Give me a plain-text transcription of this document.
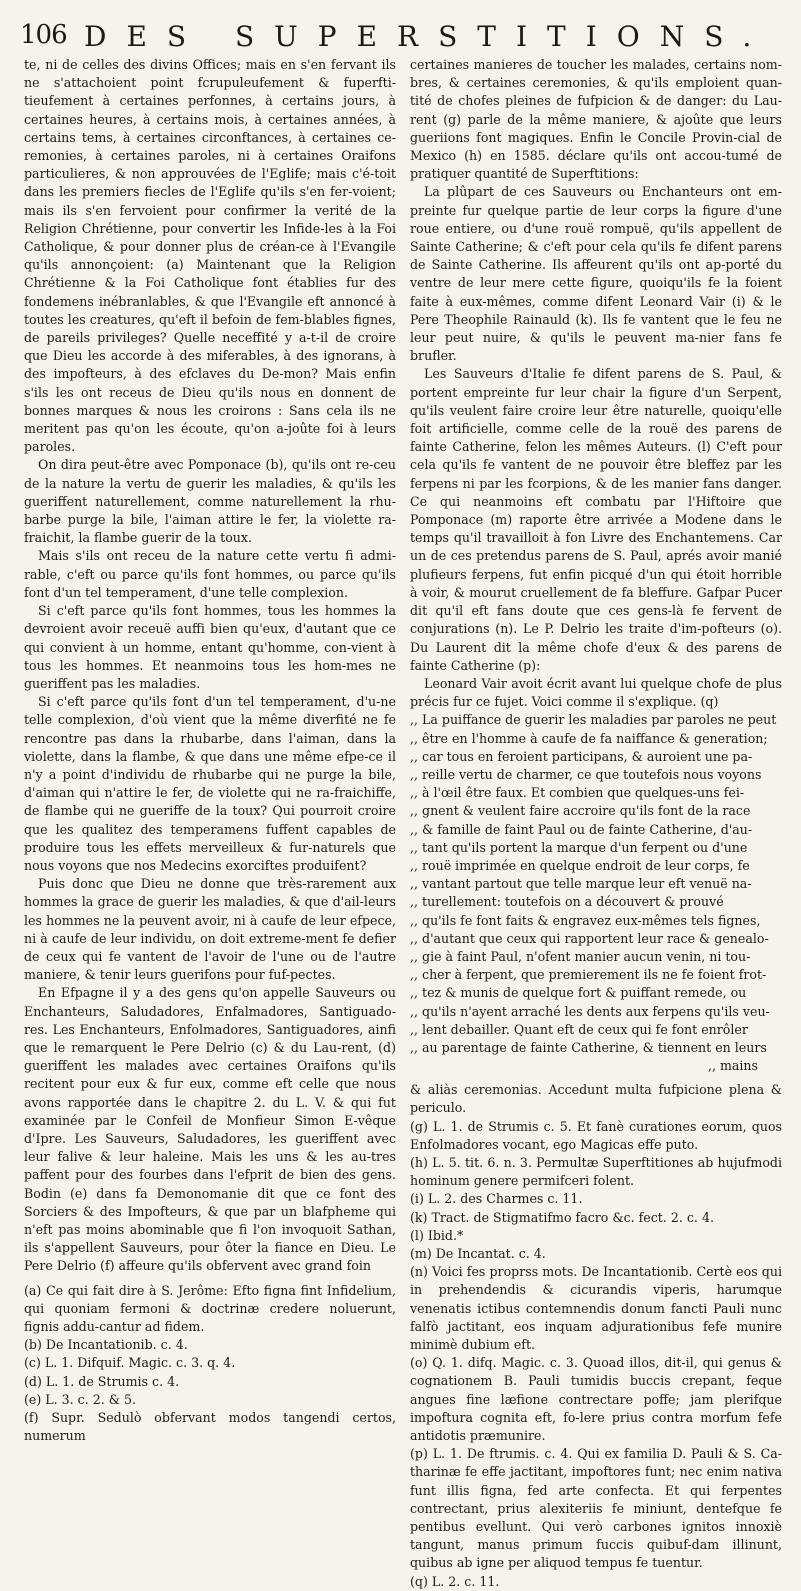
106 DES SUPERSTITIONS.

te, ni de celles des divins Offices; mais en s'en fervant ils ne s'attachoient point fcrupuleufement & fuperfti-tieufement à certaines perfonnes, à certains jours, à certaines heures, à certains mois, à certaines années, à certains tems, à certaines circonftances, à certaines ce-remonies, à certaines paroles, ni à certaines Oraifons particulieres, & non approuvées de l'Eglife; mais c'é-toit dans les premiers fiecles de l'Eglife qu'ils s'en fer-voient; mais ils s'en fervoient pour confirmer la verité de la Religion Chrétienne, pour convertir les Infide-les à la Foi Catholique, & pour donner plus de créan-ce à l'Evangile qu'ils annonçoient: (a) Maintenant que la Religion Chrétienne & la Foi Catholique font établies fur des fondemens inébranlables, & que l'Evangile eft annoncé à toutes les creatures, qu'eft il befoin de fem-blables fignes, de pareils privileges? Quelle neceffité y a-t-il de croire que Dieu les accorde à des miferables, à des ignorans, à des impofteurs, à des efclaves du De-mon? Mais enfin s'ils les ont receus de Dieu qu'ils nous en donnent de bonnes marques & nous les croirons : Sans cela ils ne meritent pas qu'on les écoute, qu'on a-joûte foi à leurs paroles.

On dira peut-être avec Pomponace (b), qu'ils ont re-ceu de la nature la vertu de guerir les maladies, & qu'ils les gueriffent naturellement, comme naturellement la rhu-barbe purge la bile, l'aiman attire le fer, la violette ra-fraichit, la flambe guerir de la toux.

Mais s'ils ont receu de la nature cette vertu fi admi-rable, c'eft ou parce qu'ils font hommes, ou parce qu'ils font d'un tel temperament, d'une telle complexion.

Si c'eft parce qu'ils font hommes, tous les hommes la devroient avoir receuë auffi bien qu'eux, d'autant que ce qui convient à un homme, entant qu'homme, con-vient à tous les hommes. Et neanmoins tous les hom-mes ne gueriffent pas les maladies.

Si c'eft parce qu'ils font d'un tel temperament, d'u-ne telle complexion, d'où vient que la même diverfité ne fe rencontre pas dans la rhubarbe, dans l'aiman, dans la violette, dans la flambe, & que dans une même efpe-ce il n'y a point d'individu de rhubarbe qui ne purge la bile, d'aiman qui n'attire le fer, de violette qui ne ra-fraichiffe, de flambe qui ne gueriffe de la toux? Qui pourroit croire que les qualitez des temperamens fuffent capables de produire tous les effets merveilleux & fur-naturels que nous voyons que nos Medecins exorciftes produifent?

Puis donc que Dieu ne donne que très-rarement aux hommes la grace de guerir les maladies, & que d'ail-leurs les hommes ne la peuvent avoir, ni à caufe de leur efpece, ni à caufe de leur individu, on doit extreme-ment fe defier de ceux qui fe vantent de l'avoir de l'une ou de l'autre maniere, & tenir leurs guerifons pour fuf-pectes.

En Efpagne il y a des gens qu'on appelle Sauveurs ou Enchanteurs, Saludadores, Enfalmadores, Santiguado-res. Les Enchanteurs, Enfolmadores, Santiguadores, ainfi que le remarquent le Pere Delrio (c) & du Lau-rent, (d) gueriffent les malades avec certaines Oraifons qu'ils recitent pour eux & fur eux, comme eft celle que nous avons rapportée dans le chapitre 2. du L. V. & qui fut examinée par le Confeil de Monfieur Simon E-vêque d'Ipre. Les Sauveurs, Saludadores, les gueriffent avec leur falive & leur haleine. Mais les uns & les au-tres paffent pour des fourbes dans l'efprit de bien des gens. Bodin (e) dans fa Demonomanie dit que ce font des Sorciers & des Impofteurs, & que par un blafpheme qui n'eft pas moins abominable que fi l'on invoquoit Sathan, ils s'appellent Sauveurs, pour ôter la fiance en Dieu. Le Pere Delrio (f) affeure qu'ils obfervent avec grand foin

(a) Ce qui fait dire à S. Jerôme: Efto figna fint Infidelium, qui quoniam fermoni & doctrinæ credere noluerunt, fignis addu-cantur ad fidem.

(b) De Incantationib. c. 4.

(c) L. 1. Difquif. Magic. c. 3. q. 4.

(d) L. 1. de Strumis c. 4.

(e) L. 3. c. 2. & 5.

(f) Supr. Sedulò obfervant modos tangendi certos, numerum

certaines manieres de toucher les malades, certains nom-bres, & certaines ceremonies, & qu'ils emploient quan-tité de chofes pleines de fufpicion & de danger: du Lau-rent (g) parle de la même maniere, & ajoûte que leurs gueriions font magiques. Enfin le Concile Provin-cial de Mexico (h) en 1585. déclare qu'ils ont accou-tumé de pratiquer quantité de Superftitions:

La plûpart de ces Sauveurs ou Enchanteurs ont em-preinte fur quelque partie de leur corps la figure d'une roue entiere, ou d'une rouë rompuë, qu'ils appellent de Sainte Catherine; & c'eft pour cela qu'ils fe difent parens de Sainte Catherine. Ils affeurent qu'ils ont ap-porté du ventre de leur mere cette figure, quoiqu'ils fe la foient faite à eux-mêmes, comme difent Leonard Vair (i) & le Pere Theophile Rainauld (k). Ils fe vantent que le feu ne leur peut nuire, & qu'ils le peuvent ma-nier fans fe brufler.

Les Sauveurs d'Italie fe difent parens de S. Paul, & portent empreinte fur leur chair la figure d'un Serpent, qu'ils veulent faire croire leur être naturelle, quoiqu'elle foit artificielle, comme celle de la rouë des parens de fainte Catherine, felon les mêmes Auteurs. (l) C'eft pour cela qu'ils fe vantent de ne pouvoir être bleffez par les ferpens ni par les fcorpions, & de les manier fans danger. Ce qui neanmoins eft combatu par l'Hiftoire que Pomponace (m) raporte être arrivée a Modene dans le temps qu'il travailloit à fon Livre des Enchantemens. Car un de ces pretendus parens de S. Paul, aprés avoir manié plufieurs ferpens, fut enfin picqué d'un qui étoit horrible à voir, & mourut cruellement de fa bleffure. Gafpar Pucer dit qu'il eft fans doute que ces gens-là fe fervent de conjurations (n). Le P. Delrio les traite d'im-pofteurs (o). Du Laurent dit la même chofe d'eux & des parens de fainte Catherine (p):

Leonard Vair avoit écrit avant lui quelque chofe de plus précis fur ce fujet. Voici comme il s'explique. (q)

,, La puiffance de guerir les maladies par paroles ne peut

,, être en l'homme à caufe de fa naiffance & generation;

,, car tous en feroient participans, & auroient une pa-

,, reille vertu de charmer, ce que toutefois nous voyons

,, à l'œil être faux. Et combien que quelques-uns fei-

,, gnent & veulent faire accroire qu'ils font de la race

,, & famille de faint Paul ou de fainte Catherine, d'au-

,, tant qu'ils portent la marque d'un ferpent ou d'une

,, rouë imprimée en quelque endroit de leur corps, fe

,, vantant partout que telle marque leur eft venuë na-

,, turellement: toutefois on a découvert & prouvé

,, qu'ils fe font faits & engravez eux-mêmes tels fignes,

,, d'autant que ceux qui rapportent leur race & genealo-

,, gie à faint Paul, n'ofent manier aucun venin, ni tou-

,, cher à ferpent, que premierement ils ne fe foient frot-

,, tez & munis de quelque fort & puiffant remede, ou

,, qu'ils n'ayent arraché les dents aux ferpens qu'ils veu-

,, lent debailler. Quant eft de ceux qui fe font enrôler

,, au parentage de fainte Catherine, & tiennent en leurs

,, mains

& aliàs ceremonias. Accedunt multa fufpicione plena & periculo.

(g) L. 1. de Strumis c. 5. Et fanè curationes eorum, quos Enfolmadores vocant, ego Magicas effe puto.

(h) L. 5. tit. 6. n. 3. Permultæ Superftitiones ab hujufmodi hominum genere permifceri folent.

(i) L. 2. des Charmes c. 11.

(k) Tract. de Stigmatifmo facro &c. fect. 2. c. 4.

(l) Ibid.*

(m) De Incantat. c. 4.

(n) Voici fes proprss mots. De Incantationib. Certè eos qui in prehendendis & cicurandis viperis, harumque venenatis ictibus contemnendis donum fancti Pauli nunc falfò jactitant, eos inquam adjurationibus fefe munire minimè dubium eft.

(o) Q. 1. difq. Magic. c. 3. Quoad illos, dit-il, qui genus & cognationem B. Pauli tumidis buccis crepant, feque angues fine læfione contrectare poffe; jam plerifque impoftura cognita eft, fo-lere prius contra morfum fefe antidotis præmunire.

(p) L. 1. De ftrumis. c. 4. Qui ex familia D. Pauli & S. Ca-tharinæ fe effe jactitant, impoftores funt; nec enim nativa funt illis figna, fed arte confecta. Et qui ferpentes contrectant, prius alexiteriis fe miniunt, dentefque fe pentibus evellunt. Qui verò carbones ignitos innoxiè tangunt, manus primum fuccis quibuf-dam illinunt, quibus ab igne per aliquod tempus fe tuentur.

(q) L. 2. c. 11.
